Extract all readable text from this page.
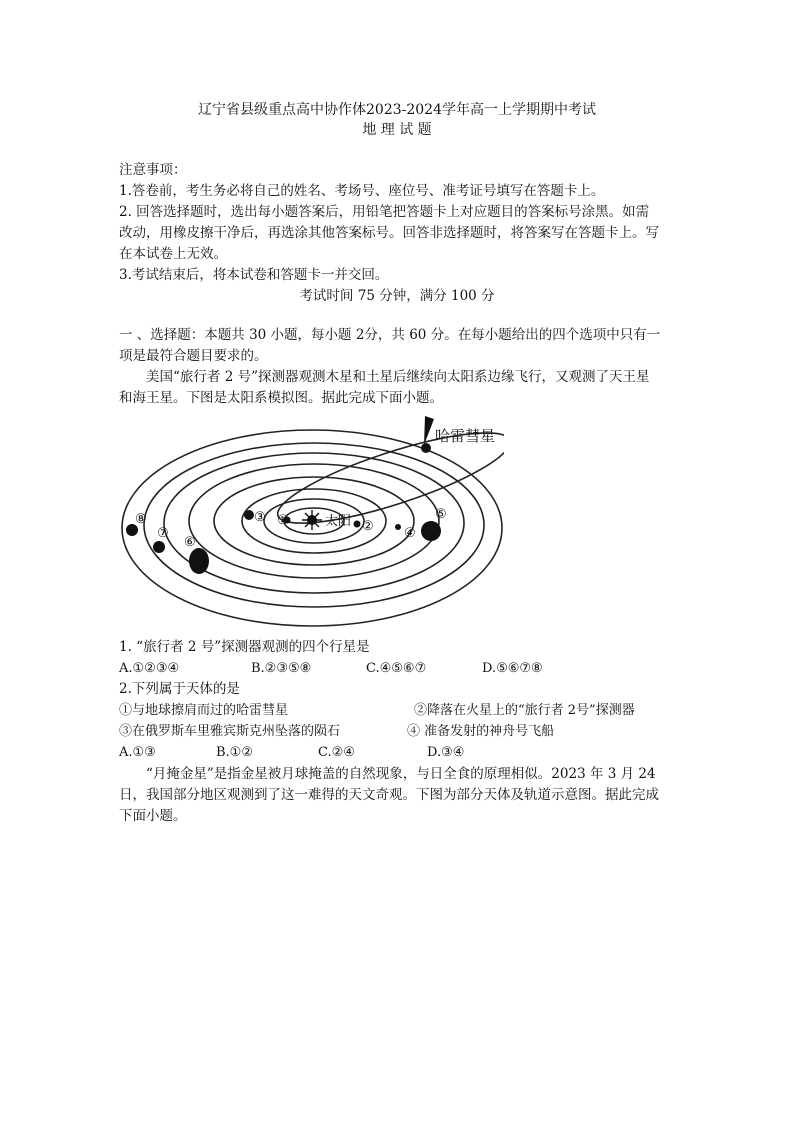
辽宁省县级重点高中协作体2023-2024学年高一上学期期中考试
地 理 试 题
注意事项：
1.答卷前，考生务必将自己的姓名、考场号、座位号、准考证号填写在答题卡上。
2. 回答选择题时，选出每小题答案后，用铅笔把答题卡上对应题目的答案标号涂黑。如需
改动，用橡皮擦干净后，再选涂其他答案标号。回答非选择题时，将答案写在答题卡上。写
在本试卷上无效。
3.考试结束后，将本试卷和答题卡一并交回。
考试时间 75 分钟，满分 100 分
一 、选择题：本题共 30 小题，每小题 2分，共 60 分。在每小题给出的四个选项中只有一
项是最符合题目要求的。
美国“旅行者 2 号”探测器观测木星和土星后继续向太阳系边缘飞行，又观测了天王星
和海王星。下图是太阳系模拟图。据此完成下面小题。
太阳
哈雷彗星
①	②
③
④
⑤
⑥
⑦
⑧
1. “旅行者 2 号”探测器观测的四个行星是
A.①②③④	B.②③⑤⑧	C.④⑤⑥⑦	D.⑤⑥⑦⑧
2.下列属于天体的是
①与地球擦肩而过的哈雷彗星	②降落在火星上的“旅行者 2号”探测器
③在俄罗斯车里雅宾斯克州坠落的陨石	④ 准备发射的神舟号飞船
A.①③	B.①②	C.②④	D.③④
“月掩金星”是指金星被月球掩盖的自然现象，与日全食的原理相似。2023 年 3 月 24
日，我国部分地区观测到了这一难得的天文奇观。下图为部分天体及轨道示意图。据此完成
下面小题。
